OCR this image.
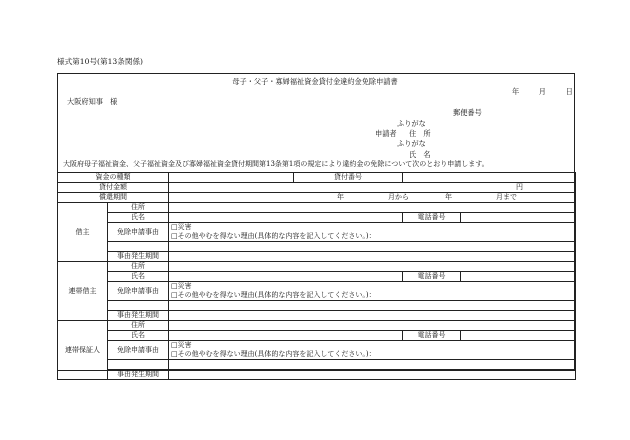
様式第10号(第13条関係)
母子・父子・寡婦福祉資金貸付金違約金免除申請書
年	月	日
大阪府知事　様
郵便番号
ふりがな
申請者 住　所
ふりがな
氏　名
大阪府母子福祉資金、父子福祉資金及び寡婦福祉資金貸付期間第13条第1項の規定により違約金の免除について次のとおり申請します。
資金の種類			貸付番号		
貸付金額		円			
償還期間		年 月から 年 月まで			
借主	住所				
	氏名			電話番号	
	免除申請事由	□災害			
		□その他やむを得ない理由(具体的な内容を記入してください。)：			

	事由発生期間				
連帯借主	住所				
	氏名			電話番号	
	免除申請事由	□災害			
		□その他やむを得ない理由(具体的な内容を記入してください。)：			

	事由発生期間				
連帯保証人	住所				
	氏名			電話番号	
	免除申請事由	□災害			
		□その他やむを得ない理由(具体的な内容を記入してください。)：			

	事由発生期間				
